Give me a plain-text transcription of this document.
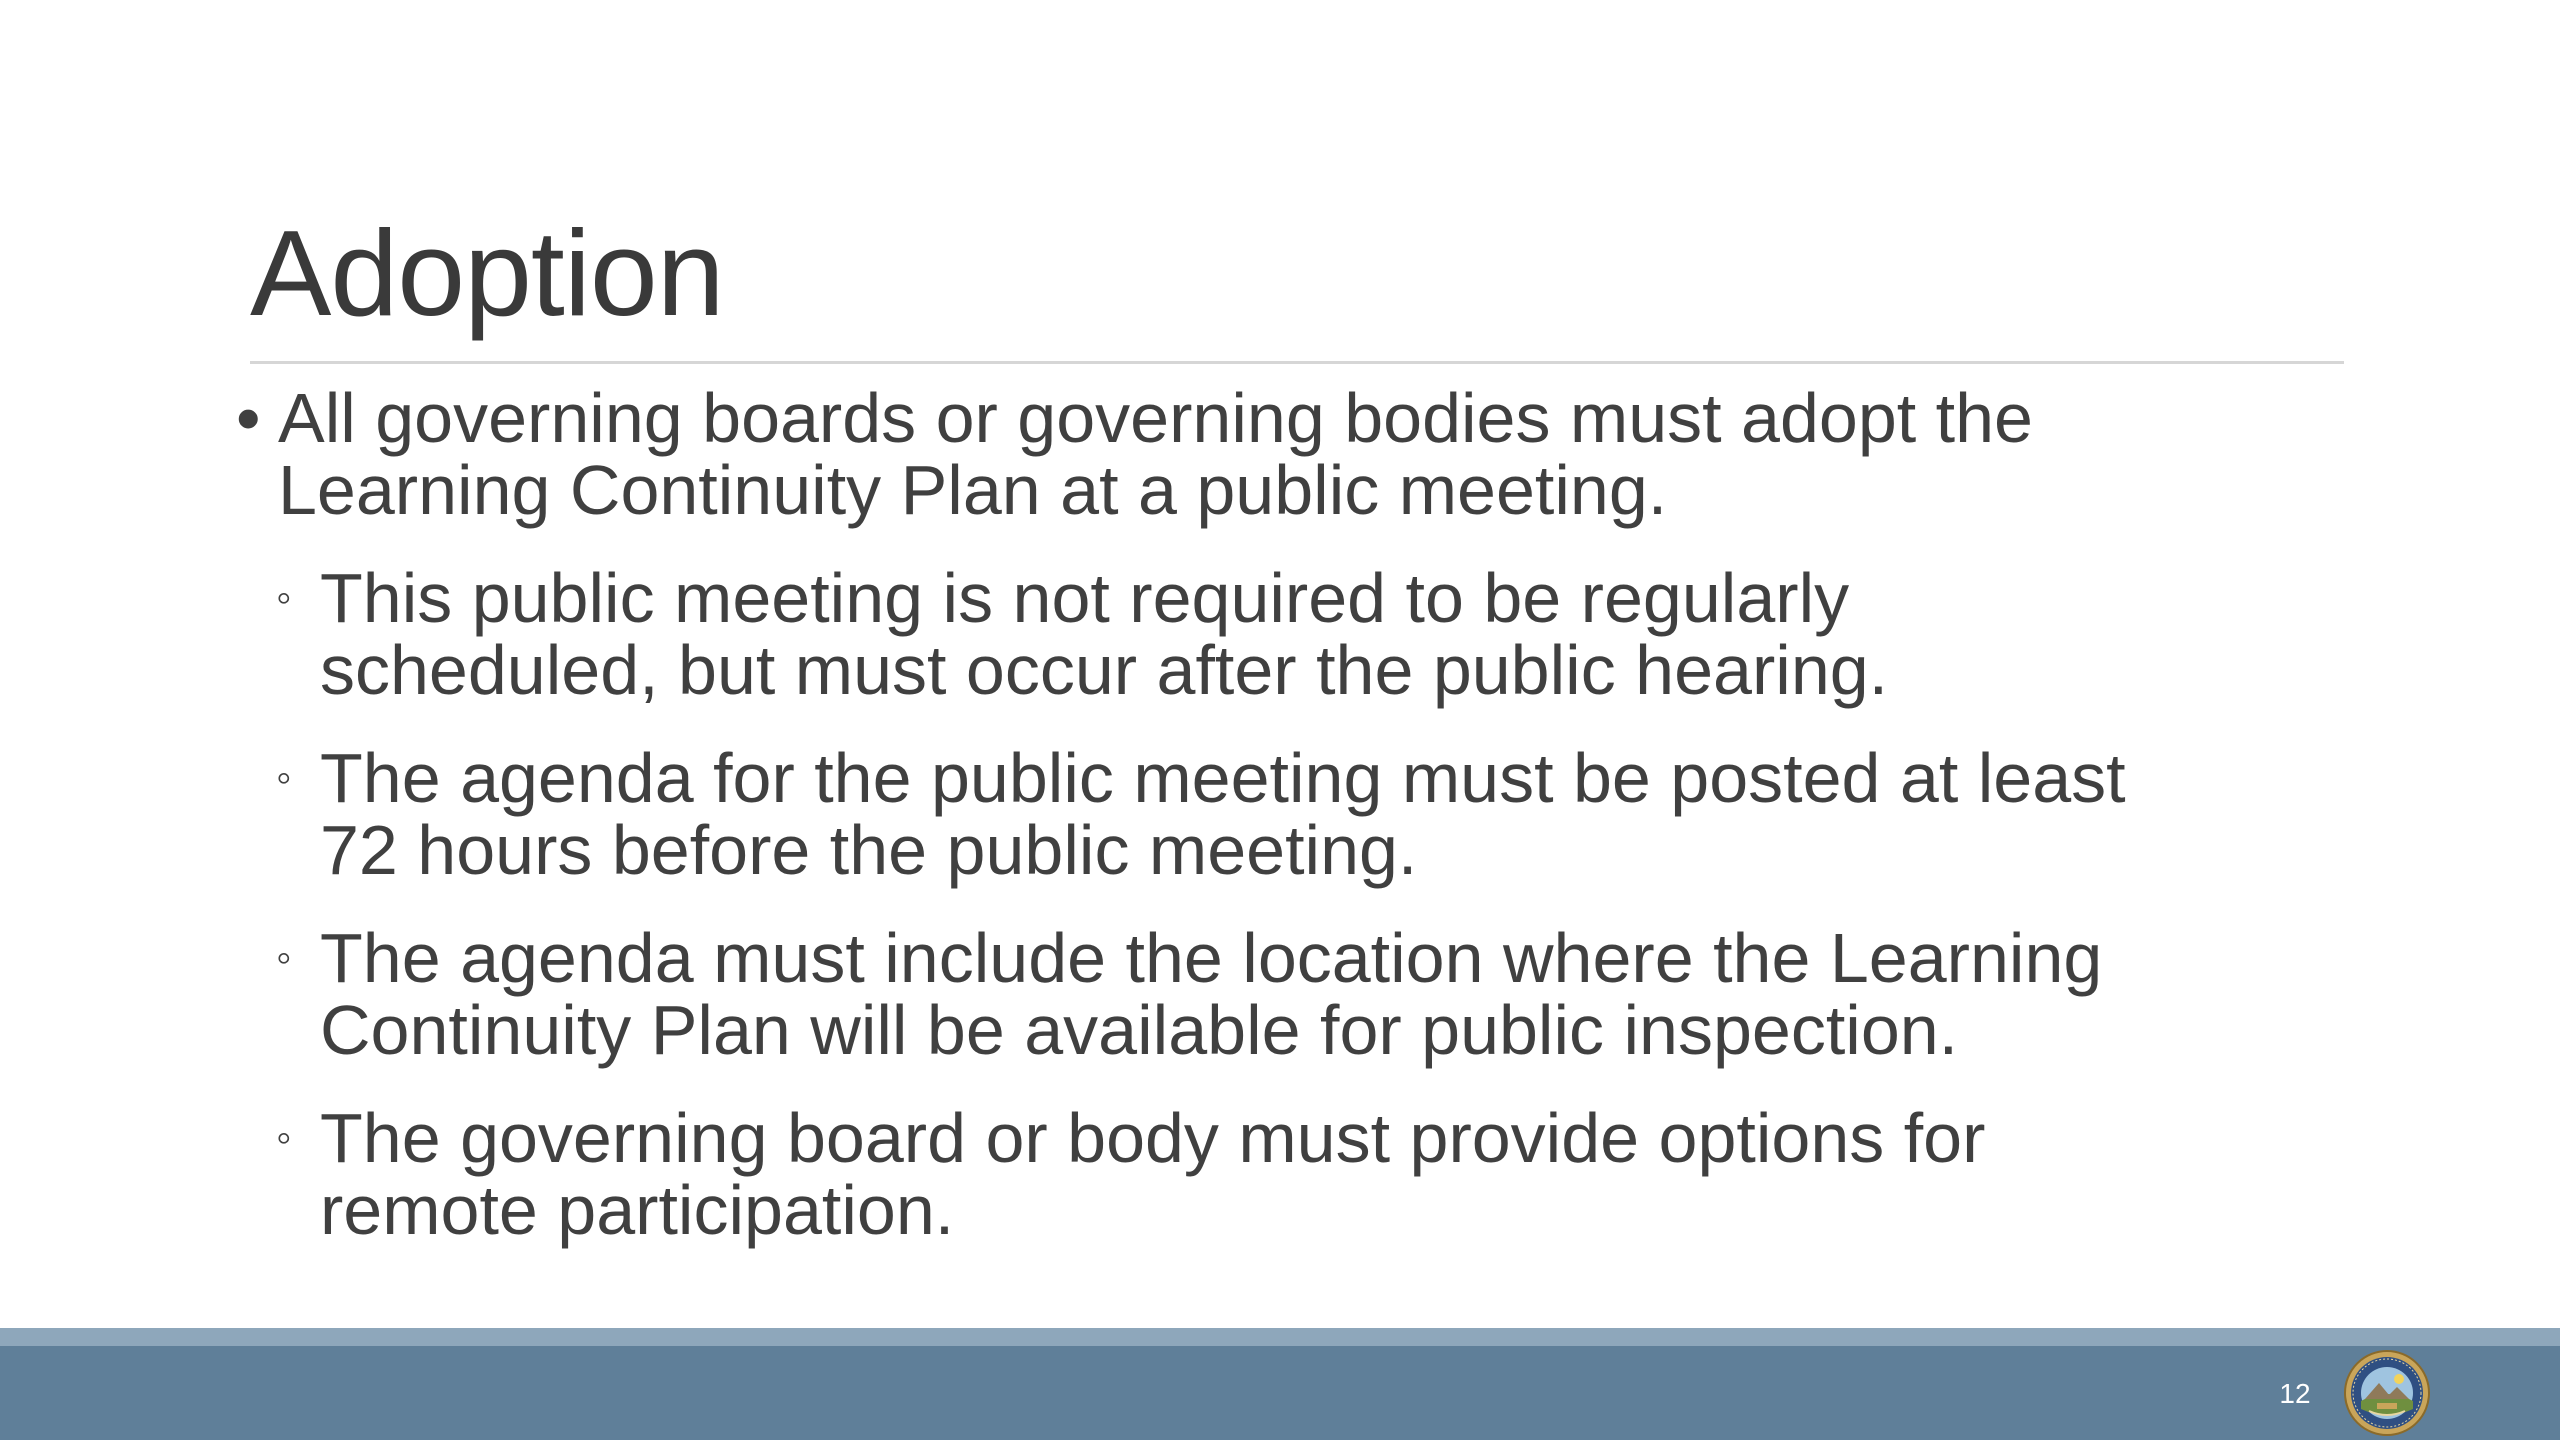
Adoption
• All governing boards or governing bodies must adopt the
Learning Continuity Plan at a public meeting.
◦ This public meeting is not required to be regularly
scheduled, but must occur after the public hearing.
◦ The agenda for the public meeting must be posted at least
72 hours before the public meeting.
◦ The agenda must include the location where the Learning
Continuity Plan will be available for public inspection.
◦ The governing board or body must provide options for
remote participation.
12
